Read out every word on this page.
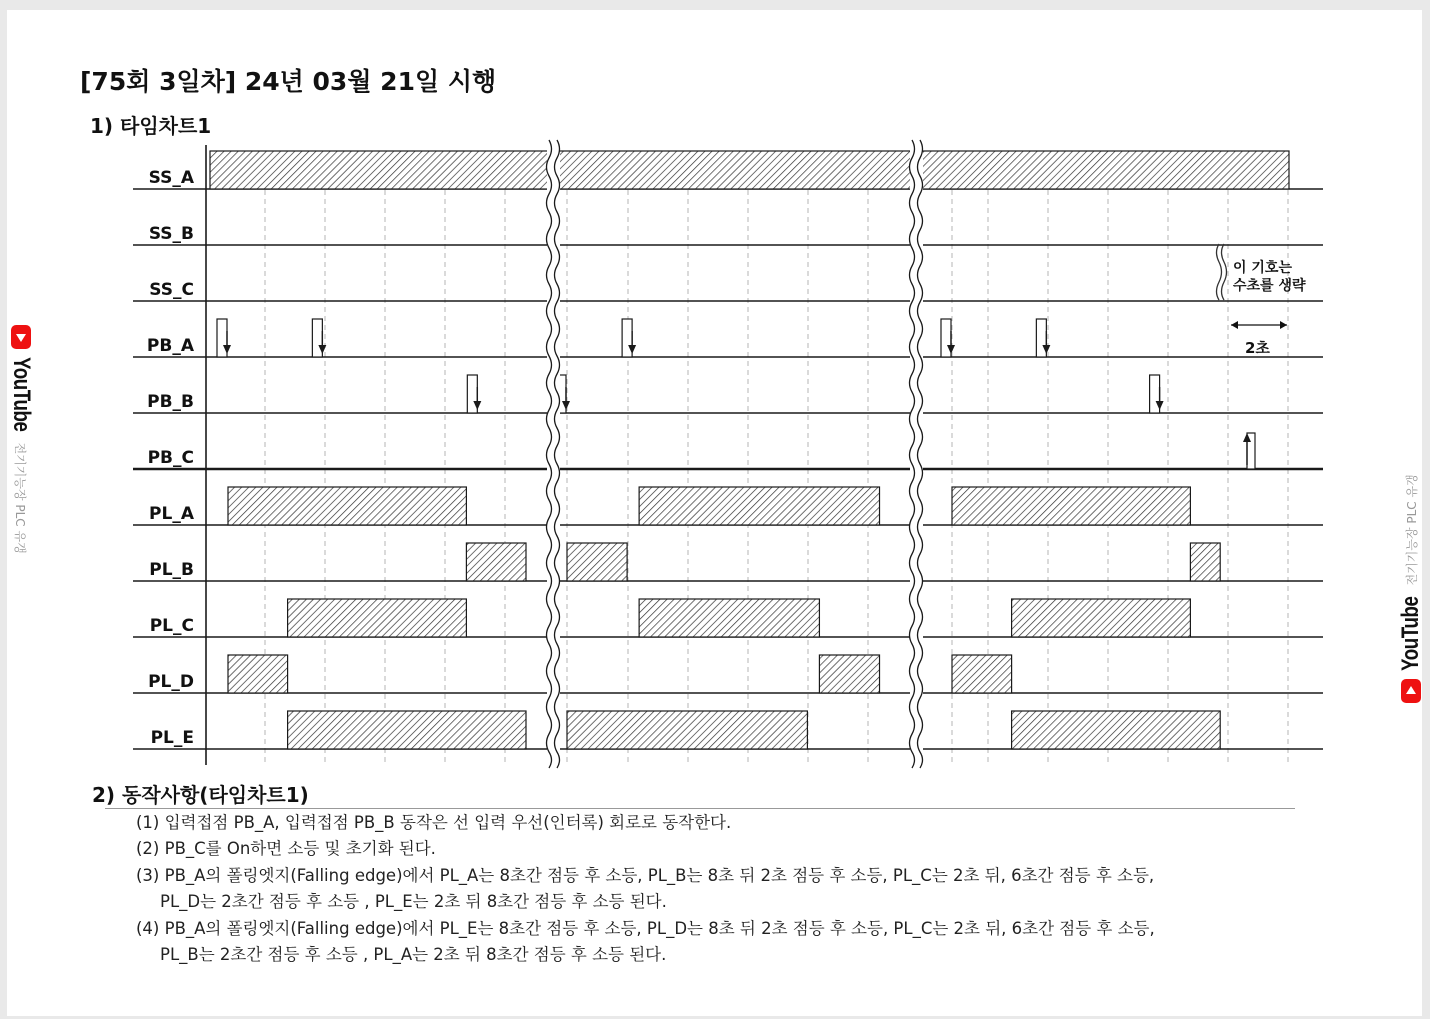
[75회 3일차] 24년 03월 21일 시행
1) 타임차트1
SS_A
SS_B
SS_C
PB_A
PB_B
PB_C
PL_A
PL_B
PL_C
PL_D
PL_E
이 기호는
수초를 생략
2초
2) 동작사항(타임차트1)
(1) 입력접점 PB_A, 입력접점 PB_B 동작은 선 입력 우선(인터록) 회로로 동작한다.
(2) PB_C를 On하면 소등 및 초기화 된다.
(3) PB_A의 폴링엣지(Falling edge)에서 PL_A는 8초간 점등 후 소등, PL_B는 8초 뒤 2초 점등 후 소등, PL_C는 2초 뒤, 6초간 점등 후 소등,
PL_D는 2초간 점등 후 소등 , PL_E는 2초 뒤 8초간 점등 후 소등 된다.
(4) PB_A의 폴링엣지(Falling edge)에서 PL_E는 8초간 점등 후 소등, PL_D는 8초 뒤 2초 점등 후 소등, PL_C는 2초 뒤, 6초간 점등 후 소등,
PL_B는 2초간 점등 후 소등 , PL_A는 2초 뒤 8초간 점등 후 소등 된다.
YouTube
전기기능장 PLC 유갱
YouTube
전기기능장 PLC 유갱
